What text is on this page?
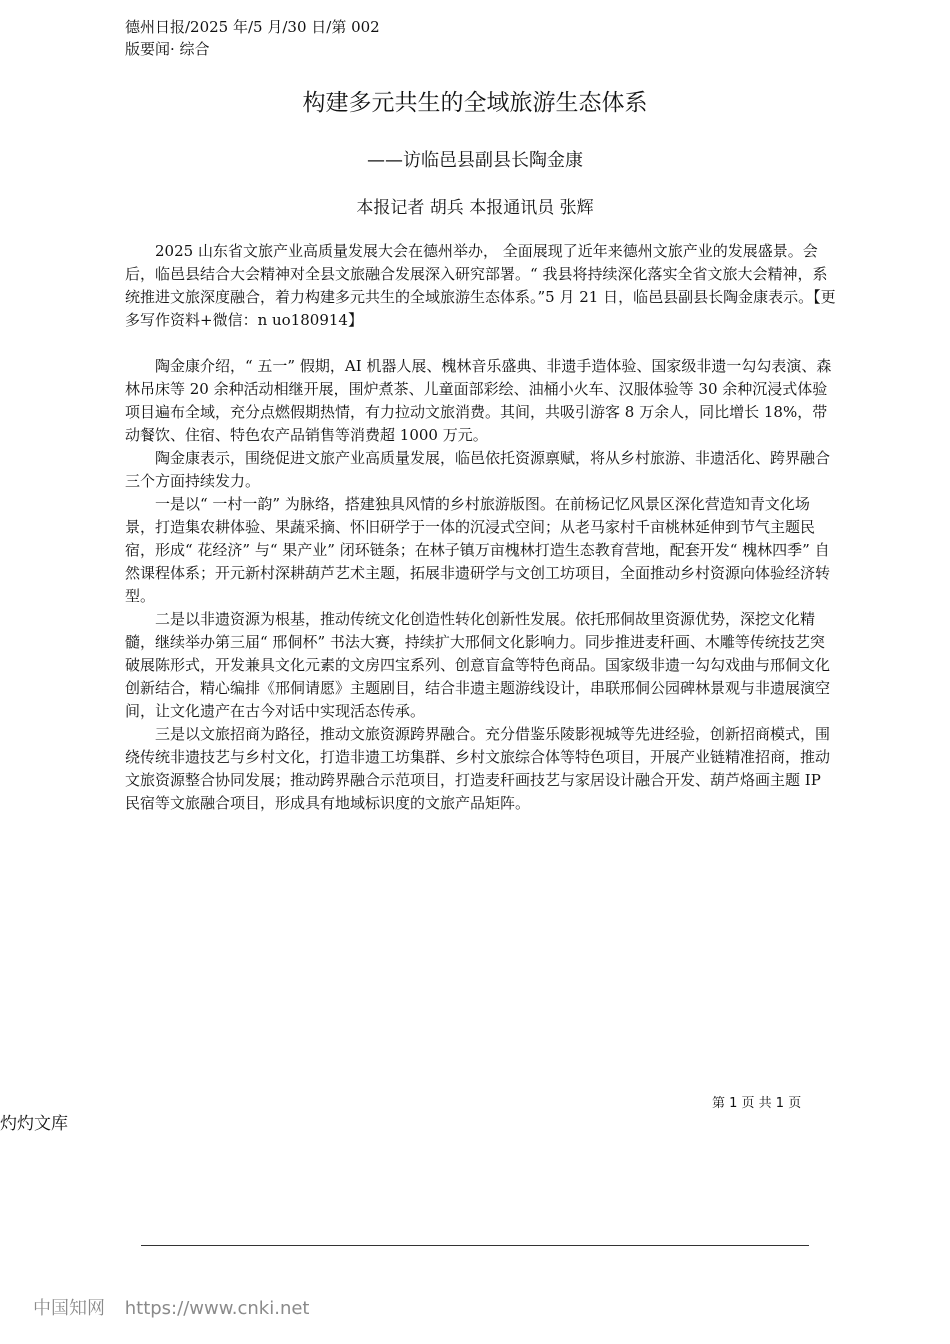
德州日报/2025 年/5 月/30 日/第 002
版要闻· 综合
构建多元共生的全域旅游生态体系
——访临邑县副县长陶金康
本报记者 胡兵 本报通讯员 张辉

2025 山东省文旅产业高质量发展大会在德州举办， 全面展现了近年来德州文旅产业的发展盛景。会后，临邑县结合大会精神对全县文旅融合发展深入研究部署。“ 我县将持续深化落实全省文旅大会精神，系统推进文旅深度融合，着力构建多元共生的全域旅游生态体系。”5 月 21 日，临邑县副县长陶金康表示。【更多写作资料+微信：n uo180914】

陶金康介绍，“ 五一” 假期，AI 机器人展、槐林音乐盛典、非遗手造体验、国家级非遗一勾勾表演、森林吊床等 20 余种活动相继开展，围炉煮茶、儿童面部彩绘、油桶小火车、汉服体验等 30 余种沉浸式体验项目遍布全域，充分点燃假期热情，有力拉动文旅消费。其间，共吸引游客 8 万余人，同比增长 18%，带动餐饮、住宿、特色农产品销售等消费超 1000 万元。

陶金康表示，围绕促进文旅产业高质量发展，临邑依托资源禀赋，将从乡村旅游、非遗活化、跨界融合三个方面持续发力。

一是以“ 一村一韵” 为脉络，搭建独具风情的乡村旅游版图。在前杨记忆风景区深化营造知青文化场景，打造集农耕体验、果蔬采摘、怀旧研学于一体的沉浸式空间；从老马家村千亩桃林延伸到节气主题民宿，形成“ 花经济” 与“ 果产业” 闭环链条；在林子镇万亩槐林打造生态教育营地，配套开发“ 槐林四季” 自然课程体系；开元新村深耕葫芦艺术主题，拓展非遗研学与文创工坊项目，全面推动乡村资源向体验经济转型。

二是以非遗资源为根基，推动传统文化创造性转化创新性发展。依托邢侗故里资源优势，深挖文化精髓，继续举办第三届“ 邢侗杯” 书法大赛，持续扩大邢侗文化影响力。同步推进麦秆画、木雕等传统技艺突破展陈形式，开发兼具文化元素的文房四宝系列、创意盲盒等特色商品。国家级非遗一勾勾戏曲与邢侗文化创新结合，精心编排《邢侗请愿》主题剧目，结合非遗主题游线设计，串联邢侗公园碑林景观与非遗展演空间，让文化遗产在古今对话中实现活态传承。

三是以文旅招商为路径，推动文旅资源跨界融合。充分借鉴乐陵影视城等先进经验，创新招商模式，围绕传统非遗技艺与乡村文化，打造非遗工坊集群、乡村文旅综合体等特色项目，开展产业链精准招商，推动文旅资源整合协同发展；推动跨界融合示范项目，打造麦秆画技艺与家居设计融合开发、葫芦烙画主题 IP 民宿等文旅融合项目，形成具有地域标识度的文旅产品矩阵。

第 1 页 共 1 页
灼灼文库
中国知网 https://www.cnki.net
